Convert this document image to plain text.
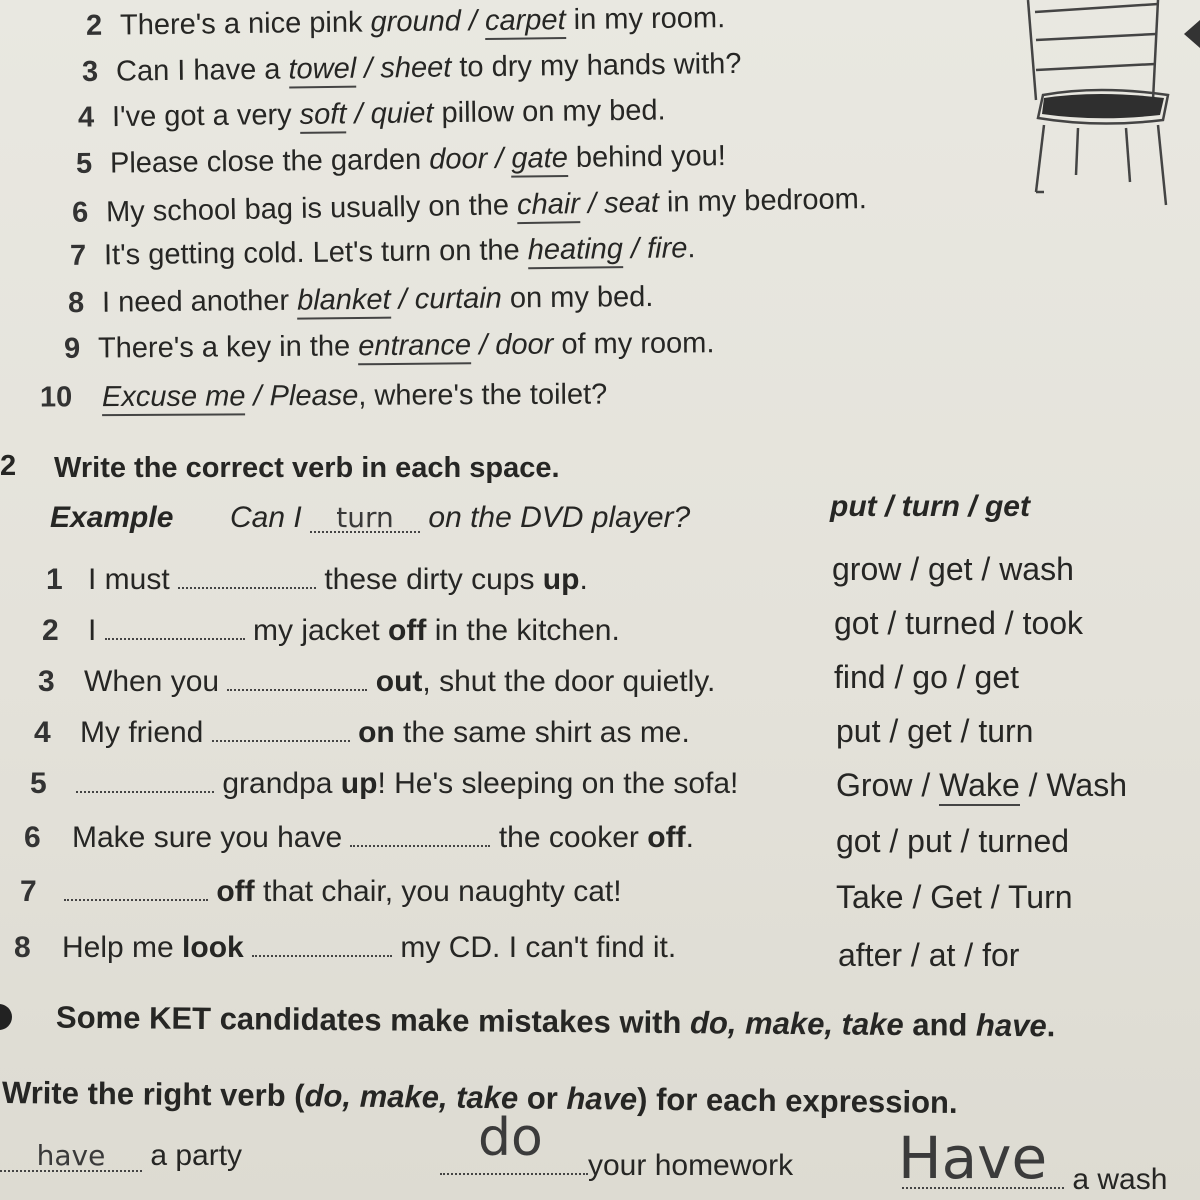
2 There's a nice pink ground / carpet in my room.
3 Can I have a towel / sheet to dry my hands with?
4 I've got a very soft / quiet pillow on my bed.
5 Please close the garden door / gate behind you!
6 My school bag is usually on the chair / seat in my bedroom.
7 It's getting cold. Let's turn on the heating / fire.
8 I need another blanket / curtain on my bed.
9 There's a key in the entrance / door of my room.
10 Excuse me / Please, where's the toilet?
2 Write the correct verb in each space.
Example Can I turn on the DVD player?	put / turn / get
1 I must	these dirty cups up.	grow / get / wash
2 I	my jacket off in the kitchen.	got / turned / took
3 When you	out, shut the door quietly.	find / go / get
4 My friend	on the same shirt as me.	put / get / turn
5	grandpa up! He's sleeping on the sofa!	Grow / Wake / Wash
6 Make sure you have	the cooker off.	got / put / turned
7	off that chair, you naughty cat!	Take / Get / Turn
8 Help me look	my CD. I can't find it.	after / at / for
Some KET candidates make mistakes with do, make, take and have.
Write the right verb (do, make, take or have) for each expression.
have a party	do	your homework Have a wash
